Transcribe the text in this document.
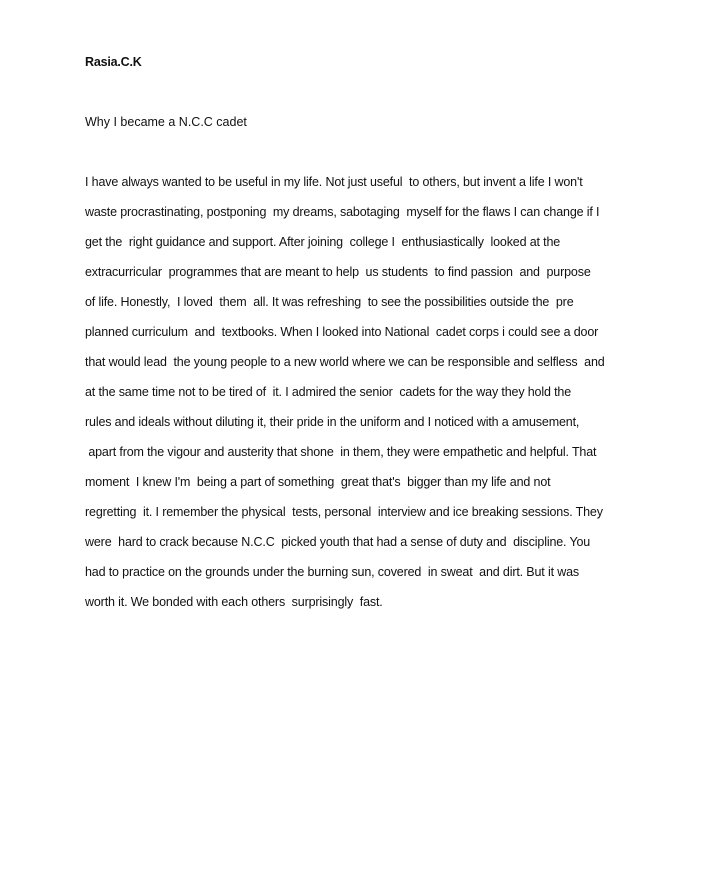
Rasia.C.K
Why I became a N.C.C cadet
I have always wanted to be useful in my life. Not just useful  to others, but invent a life I won't
waste procrastinating, postponing  my dreams, sabotaging  myself for the flaws I can change if I
get the  right guidance and support. After joining  college I  enthusiastically  looked at the
extracurricular  programmes that are meant to help  us students  to find passion  and  purpose
of life. Honestly,  I loved  them  all. It was refreshing  to see the possibilities outside the  pre
planned curriculum  and  textbooks. When I looked into National  cadet corps i could see a door
that would lead  the young people to a new world where we can be responsible and selfless  and
at the same time not to be tired of  it. I admired the senior  cadets for the way they hold the
rules and ideals without diluting it, their pride in the uniform and I noticed with a amusement,
apart from the vigour and austerity that shone  in them, they were empathetic and helpful. That
moment  I knew I'm  being a part of something  great that's  bigger than my life and not
regretting  it. I remember the physical  tests, personal  interview and ice breaking sessions. They
were  hard to crack because N.C.C  picked youth that had a sense of duty and  discipline. You
had to practice on the grounds under the burning sun, covered  in sweat  and dirt. But it was
worth it. We bonded with each others  surprisingly  fast.
